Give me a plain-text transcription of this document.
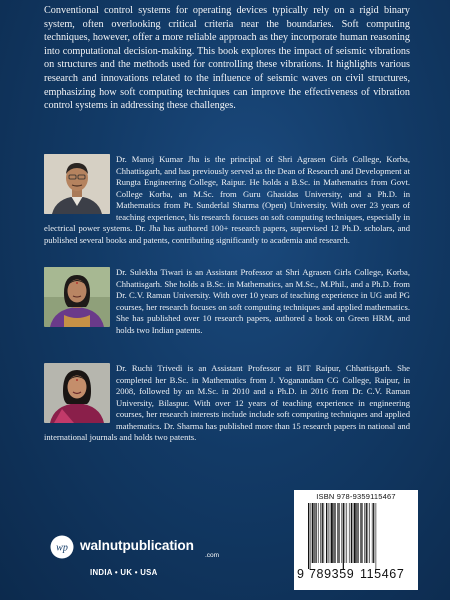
Conventional control systems for operating devices typically rely on a rigid binary system, often overlooking critical criteria near the boundaries. Soft computing techniques, however, offer a more reliable approach as they incorporate human reasoning into computational decision-making. This book explores the impact of seismic vibrations on structures and the methods used for controlling these vibrations. It highlights various research and innovations related to the influence of seismic waves on civil structures, emphasizing how soft computing techniques can improve the effectiveness of vibration control systems in addressing these challenges.

Dr. Manoj Kumar Jha is the principal of Shri Agrasen Girls College, Korba, Chhattisgarh, and has previously served as the Dean of Research and Development at Rungta Engineering College, Raipur. He holds a B.Sc. in Mathematics from Govt. College Korba, an M.Sc. from Guru Ghasidas University, and a Ph.D. in Mathematics from Pt. Sunderlal Sharma (Open) University. With over 23 years of teaching experience, his research focuses on soft computing techniques, especially in electrical power systems. Dr. Jha has authored 100+ research papers, supervised 12 Ph.D. scholars, and published several books and patents, contributing significantly to academia and research.

Dr. Sulekha Tiwari is an Assistant Professor at Shri Agrasen Girls College, Korba, Chhattisgarh. She holds a B.Sc. in Mathematics, an M.Sc., M.Phil., and a Ph.D. from Dr. C.V. Raman University. With over 10 years of teaching experience in UG and PG courses, her research focuses on soft computing techniques and applied mathematics. She has published over 10 research papers, authored a book on Green HRM, and holds two Indian patents.

Dr. Ruchi Trivedi is an Assistant Professor at BIT Raipur, Chhattisgarh. She completed her B.Sc. in Mathematics from J. Yoganandam CG College, Raipur, in 2008, followed by an M.Sc. in 2010 and a Ph.D. in 2016 from Dr. C.V. Raman University, Bilaspur. With over 12 years of teaching experience in engineering courses, her research interests include include soft computing techniques and applied mathematics. Dr. Sharma has published more than 15 research papers in national and international journals and holds two patents.

wp walnutpublication
.com
INDIA • UK • USA
ISBN 978-9359115467
9 789359 115467
